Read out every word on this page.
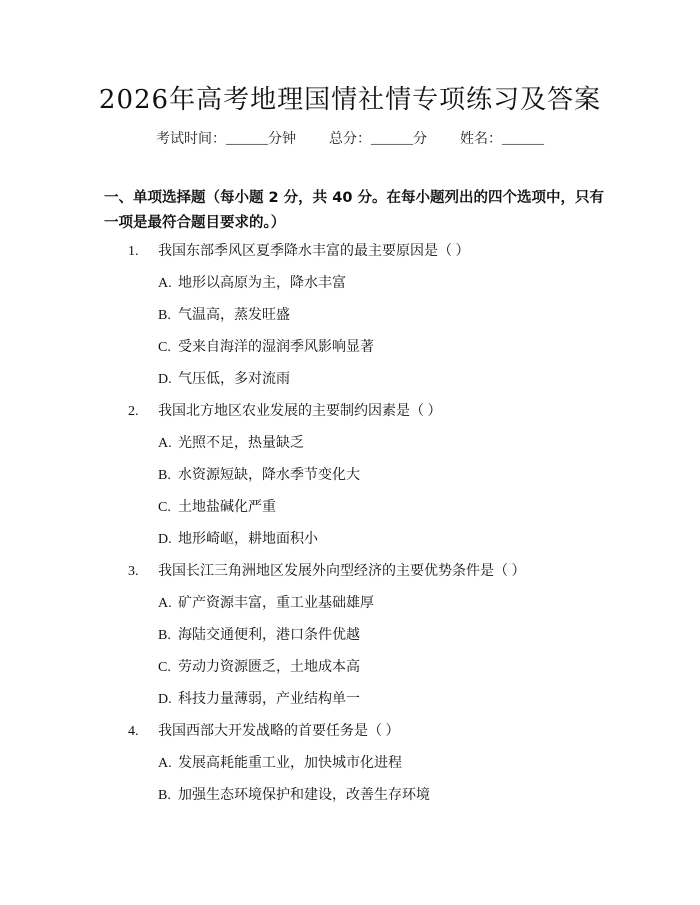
2026年高考地理国情社情专项练习及答案
考试时间：______分钟 总分：______分 姓名：______
一、单项选择题（每小题 2 分，共 40 分。在每小题列出的四个选项中，只有一项是最符合题目要求的。）
1. 我国东部季风区夏季降水丰富的最主要原因是（ ）
A. 地形以高原为主，降水丰富
B. 气温高，蒸发旺盛
C. 受来自海洋的湿润季风影响显著
D. 气压低，多对流雨
2. 我国北方地区农业发展的主要制约因素是（ ）
A. 光照不足，热量缺乏
B. 水资源短缺，降水季节变化大
C. 土地盐碱化严重
D. 地形崎岖，耕地面积小
3. 我国长江三角洲地区发展外向型经济的主要优势条件是（ ）
A. 矿产资源丰富，重工业基础雄厚
B. 海陆交通便利，港口条件优越
C. 劳动力资源匮乏，土地成本高
D. 科技力量薄弱，产业结构单一
4. 我国西部大开发战略的首要任务是（ ）
A. 发展高耗能重工业，加快城市化进程
B. 加强生态环境保护和建设，改善生存环境
